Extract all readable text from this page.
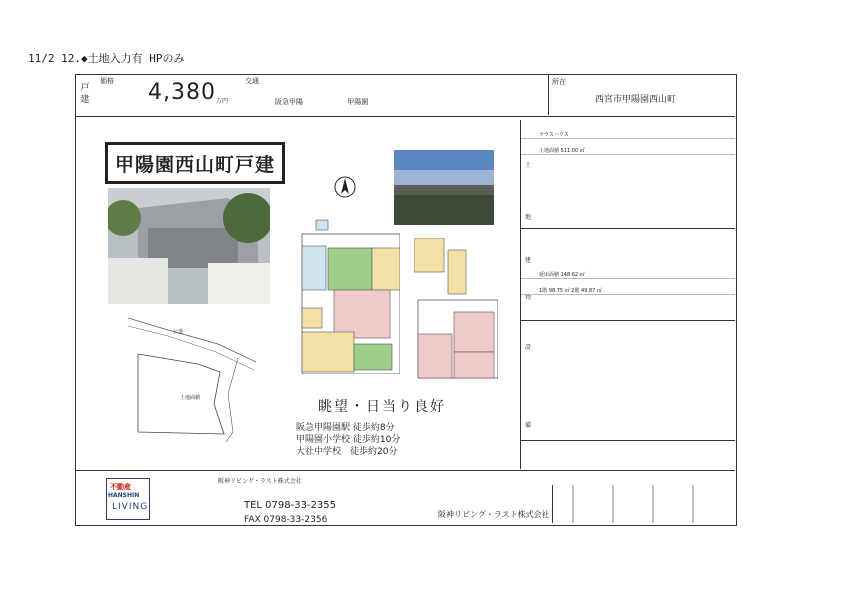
11/2 12.◆土地入力有 HPのみ
戸建
価格 4,380 万円
交通
阪急甲陽	甲陽園
所在
西宮市甲陽園西山町
甲陽園西山町戸建
公道
土地面積
眺望・日当り良好
阪急甲陽園駅 徒歩約8分
甲陽園小学校 徒歩約10分
大社中学校　徒歩約20分
土
地
建
物
設
備
テラスハウス
土地面積 511.00 ㎡
延床面積 148.62 ㎡
1階 98.75 ㎡ 2階 49.87 ㎡
不動産
HANSHIN
LIVING
阪神リビング・ラスト株式会社
TEL 0798-33-2355
FAX 0798-33-2356
阪神リビング・ラスト株式会社
